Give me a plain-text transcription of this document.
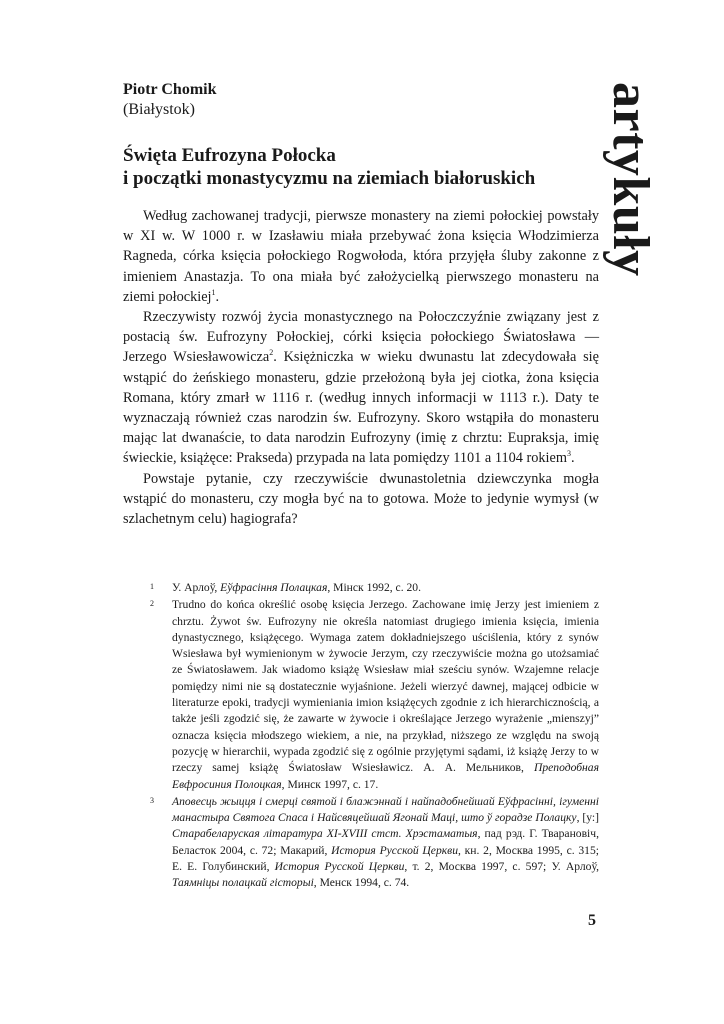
Piotr Chomik
(Białystok)	artykuły
Święta Eufrozyna Połocka
i początki monastycyzmu na ziemiach białoruskich

Według zachowanej tradycji, pierwsze monastery na ziemi połockiej powstały w XI w. W 1000 r. w Izasławiu miała przebywać żona księcia Włodzimierza Ragneda, córka księcia połockiego Rogwołoda, która przyjęła śluby zakonne z imieniem Anastazja. To ona miała być założycielką pierwszego monasteru na ziemi połockiej$^1$.

Rzeczywisty rozwój życia monastycznego na Połoczczyźnie związany jest z postacią św. Eufrozyny Połockiej, córki księcia połockiego Światosława — Jerzego Wsiesławowicza$^2$. Księżniczka w wieku dwunastu lat zdecydowała się wstąpić do żeńskiego monasteru, gdzie przełożoną była jej ciotka, żona księcia Romana, który zmarł w 1116 r. (według innych informacji w 1113 r.). Daty te wyznaczają również czas narodzin św. Eufrozyny. Skoro wstąpiła do monasteru mając lat dwanaście, to data narodzin Eufrozyny (imię z chrztu: Eupraksja, imię świeckie, książęce: Prakseda) przypada na lata pomiędzy 1101 a 1104 rokiem$^3$.

Powstaje pytanie, czy rzeczywiście dwunastoletnia dziewczynka mogła wstąpić do monasteru, czy mogła być na to gotowa. Może to jedynie wymysł (w szlachetnym celu) hagiografa?

1 У. Арлоў, Еўфрасіння Полацкая, Мінск 1992, с. 20.

2 Trudno do końca określić osobę księcia Jerzego. Zachowane imię Jerzy jest imieniem z chrztu. Żywot św. Eufrozyny nie określa natomiast drugiego imienia księcia, imienia dynastycznego, książęcego. Wymaga zatem dokładniejszego uściślenia, który z synów Wsiesława był wymienionym w żywocie Jerzym, czy rzeczywiście można go utożsamiać ze Światosławem. Jak wiadomo książę Wsiesław miał sześciu synów. Wzajemne relacje pomiędzy nimi nie są dostatecznie wyjaśnione. Jeżeli wierzyć dawnej, mającej odbicie w literaturze epoki, tradycji wymieniania imion książęcych zgodnie z ich hierarchicznością, a także jeśli zgodzić się, że zawarte w żywocie i określające Jerzego wyrażenie „mienszyj” oznacza księcia młodszego wiekiem, a nie, na przykład, niższego ze względu na swoją pozycję w hierarchii, wypada zgodzić się z ogólnie przyjętymi sądami, iż książę Jerzy to w rzeczy samej książę Światosław Wsiesławicz. А. А. Мельников, Преподобная Евфросиния Полоцкая, Минск 1997, с. 17.

3 Аповесць жыцця і смерці святой і блажэннай і найпадобнейшай Еўфрасінні, ігуменні манастыра Святога Спаса і Найсвяцейшай Ягонай Маці, што ў горадзе Полацку, [у:] Старабеларуская літаратура XI-XVIII стст. Хрэстаматыя, пад рэд. Г. Тварановіч, Беласток 2004, с. 72; Макарий, История Русской Церкви, кн. 2, Москва 1995, с. 315; Е. Е. Голубинский, История Русской Церкви, т. 2, Москва 1997, с. 597; У. Арлоў, Таямніцы полацкай гісторыі, Менск 1994, с. 74.

5
